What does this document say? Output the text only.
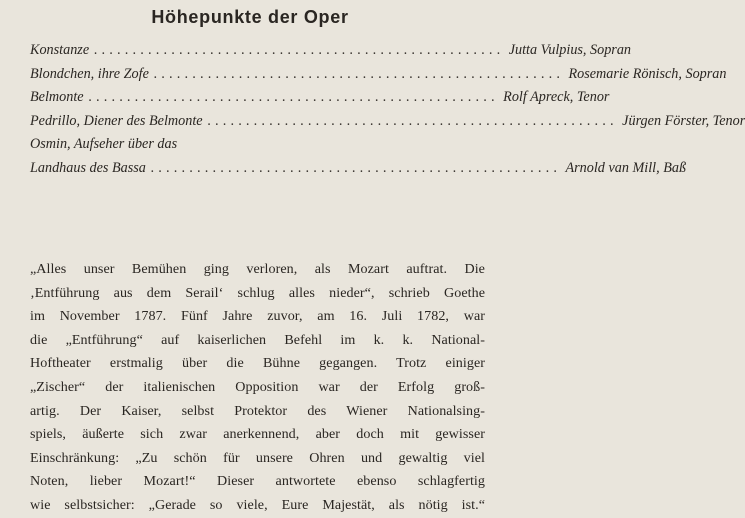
Höhepunkte der Oper
Konstanze ..................................................... Jutta Vulpius, Sopran
Blondchen, ihre Zofe ..................................................... Rosemarie Rönisch, Sopran
Belmonte ..................................................... Rolf Apreck, Tenor
Pedrillo, Diener des Belmonte ..................................................... Jürgen Förster, Tenor
Osmin, Aufseher über das
Landhaus des Bassa ..................................................... Arnold van Mill, Baß
„Alles unser Bemühen ging verloren, als Mozart auftrat. Die
‚Entführung aus dem Serail‘ schlug alles nieder“, schrieb Goethe
im November 1787. Fünf Jahre zuvor, am 16. Juli 1782, war
die „Entführung“ auf kaiserlichen Befehl im k. k. National-
Hoftheater erstmalig über die Bühne gegangen. Trotz einiger
„Zischer“ der italienischen Opposition war der Erfolg groß-
artig. Der Kaiser, selbst Protektor des Wiener Nationalsing-
spiels, äußerte sich zwar anerkennend, aber doch mit gewisser
Einschränkung: „Zu schön für unsere Ohren und gewaltig viel
Noten, lieber Mozart!“ Dieser antwortete ebenso schlagfertig
wie selbstsicher: „Gerade so viele, Eure Majestät, als nötig ist.“
